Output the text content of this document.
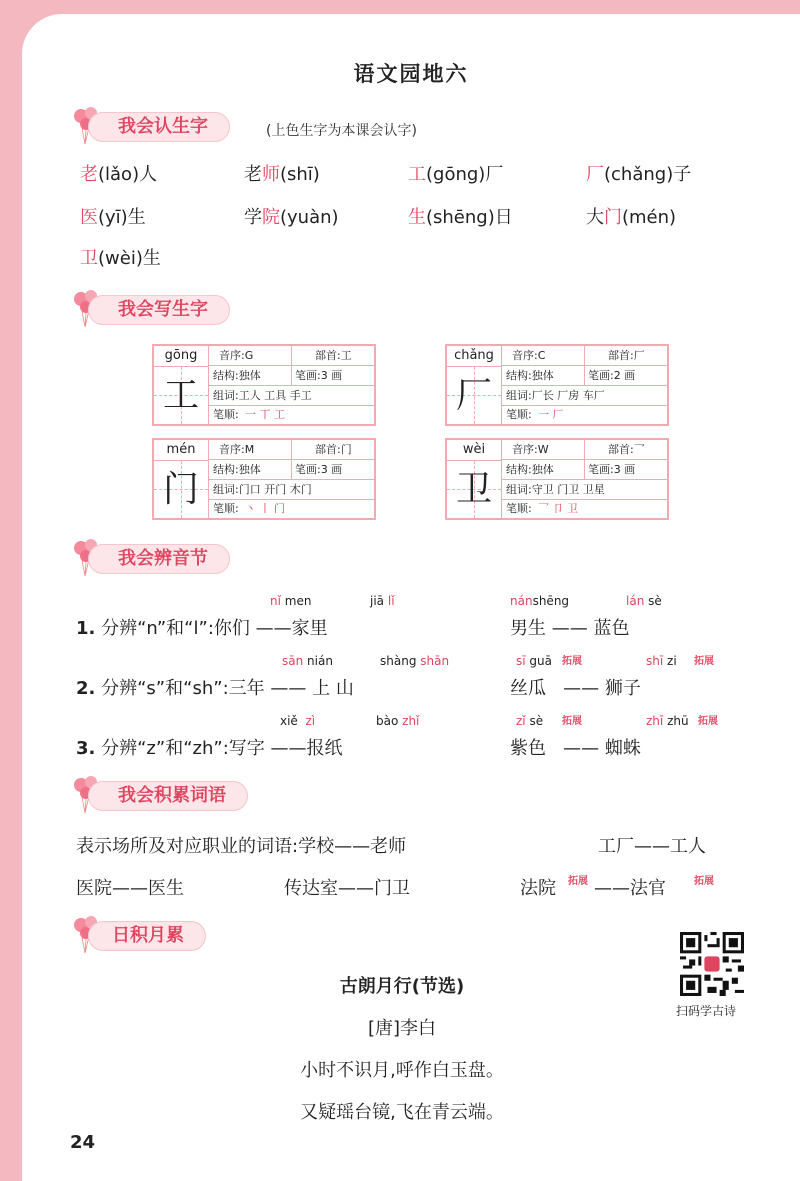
语文园地六
我会认生字	(上色生字为本课会认字)
老(lǎo)人	老师(shī)	工(gōng)厂	厂(chǎng)子
医(yī)生	学院(yuàn)	生(shēng)日	大门(mén)
卫(wèi)生
我会写生字
gōng	音序:G	部首:工
结构:独体	笔画:3 画
组词:工人 工具 手工
笔顺: 一 丅 工
工
chǎng	音序:C	部首:厂
结构:独体	笔画:2 画
组词:厂长 厂房 车厂
笔顺: 一 厂
厂
mén	音序:M	部首:门
结构:独体	笔画:3 画
组词:门口 开门 木门
笔顺: 丶 丨 门
门
wèi	音序:W	部首:乛
结构:独体	笔画:3 画
组词:守卫 门卫 卫星
笔顺: 乛 卩 卫
卫
我会辨音节
nǐ men	jiā lǐ	nánshēng	lán sè
1. 分辨“n”和“l”:你们 ——家里	男生 —— 蓝色
sān nián	shàng shān	sī guā 拓展	shī zi 拓展
2. 分辨“s”和“sh”:三年 —— 上 山	丝瓜   —— 狮子
xiě zì	bào zhǐ	zǐ sè 拓展	zhī zhū 拓展
3. 分辨“z”和“zh”:写字 ——报纸	紫色   —— 蜘蛛
我会积累词语
表示场所及对应职业的词语:学校——老师	工厂——工人
医院——医生	传达室——门卫	法院 拓展 ——法官	拓展
日积月累
古朗月行(节选)
[唐]李白
小时不识月,呼作白玉盘。
又疑瑶台镜,飞在青云端。
扫码学古诗
24
